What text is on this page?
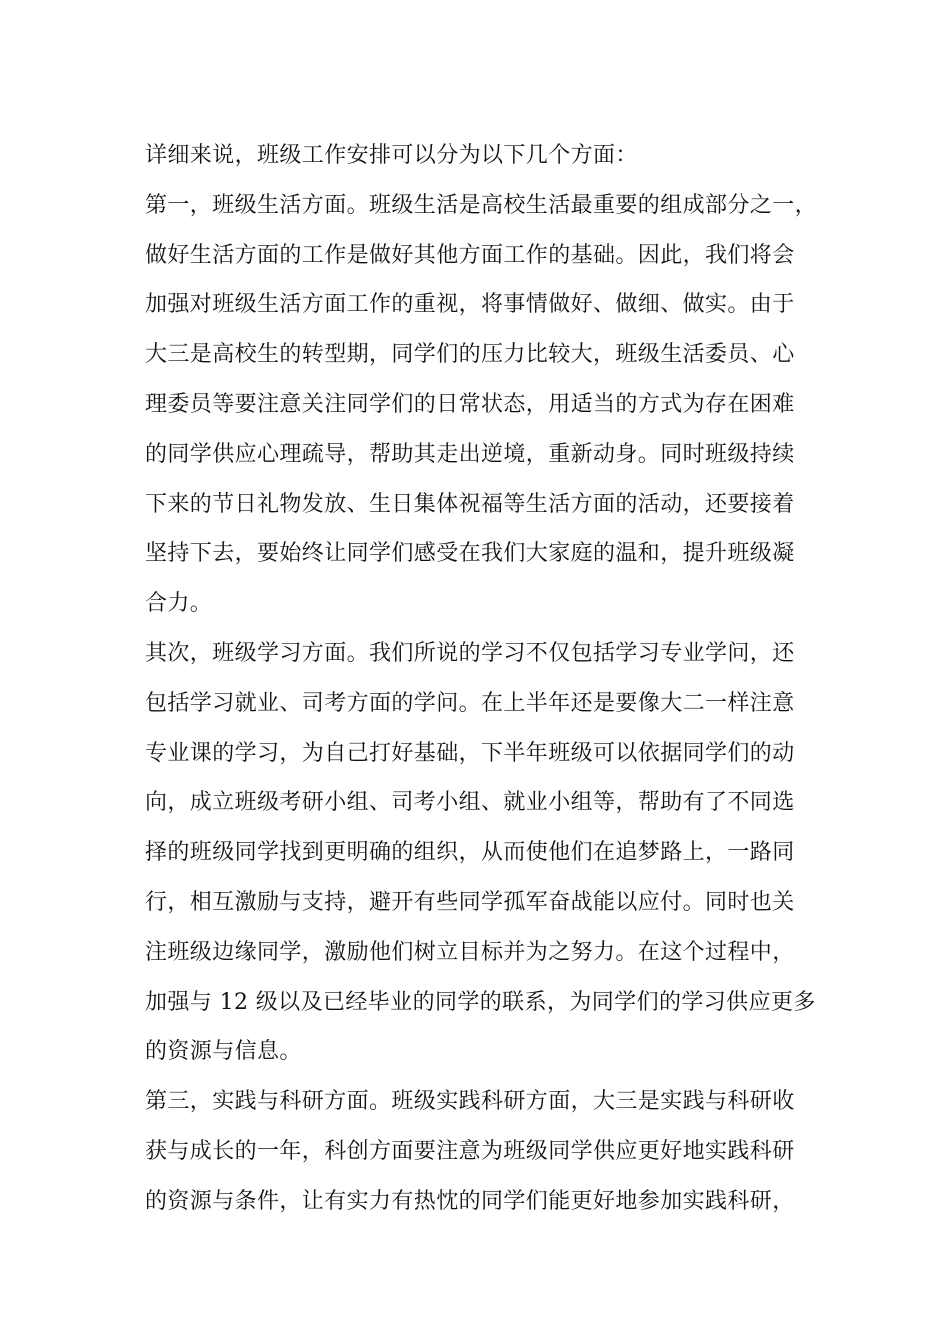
详细来说，班级工作安排可以分为以下几个方面：
第一，班级生活方面。班级生活是高校生活最重要的组成部分之一，
做好生活方面的工作是做好其他方面工作的基础。因此，我们将会
加强对班级生活方面工作的重视，将事情做好、做细、做实。由于
大三是高校生的转型期，同学们的压力比较大，班级生活委员、心
理委员等要注意关注同学们的日常状态，用适当的方式为存在困难
的同学供应心理疏导，帮助其走出逆境，重新动身。同时班级持续
下来的节日礼物发放、生日集体祝福等生活方面的活动，还要接着
坚持下去，要始终让同学们感受在我们大家庭的温和，提升班级凝
合力。
其次，班级学习方面。我们所说的学习不仅包括学习专业学问，还
包括学习就业、司考方面的学问。在上半年还是要像大二一样注意
专业课的学习，为自己打好基础，下半年班级可以依据同学们的动
向，成立班级考研小组、司考小组、就业小组等，帮助有了不同选
择的班级同学找到更明确的组织，从而使他们在追梦路上，一路同
行，相互激励与支持，避开有些同学孤军奋战能以应付。同时也关
注班级边缘同学，激励他们树立目标并为之努力。在这个过程中，
加强与 12 级以及已经毕业的同学的联系，为同学们的学习供应更多
的资源与信息。
第三，实践与科研方面。班级实践科研方面，大三是实践与科研收
获与成长的一年，科创方面要注意为班级同学供应更好地实践科研
的资源与条件，让有实力有热忱的同学们能更好地参加实践科研，
